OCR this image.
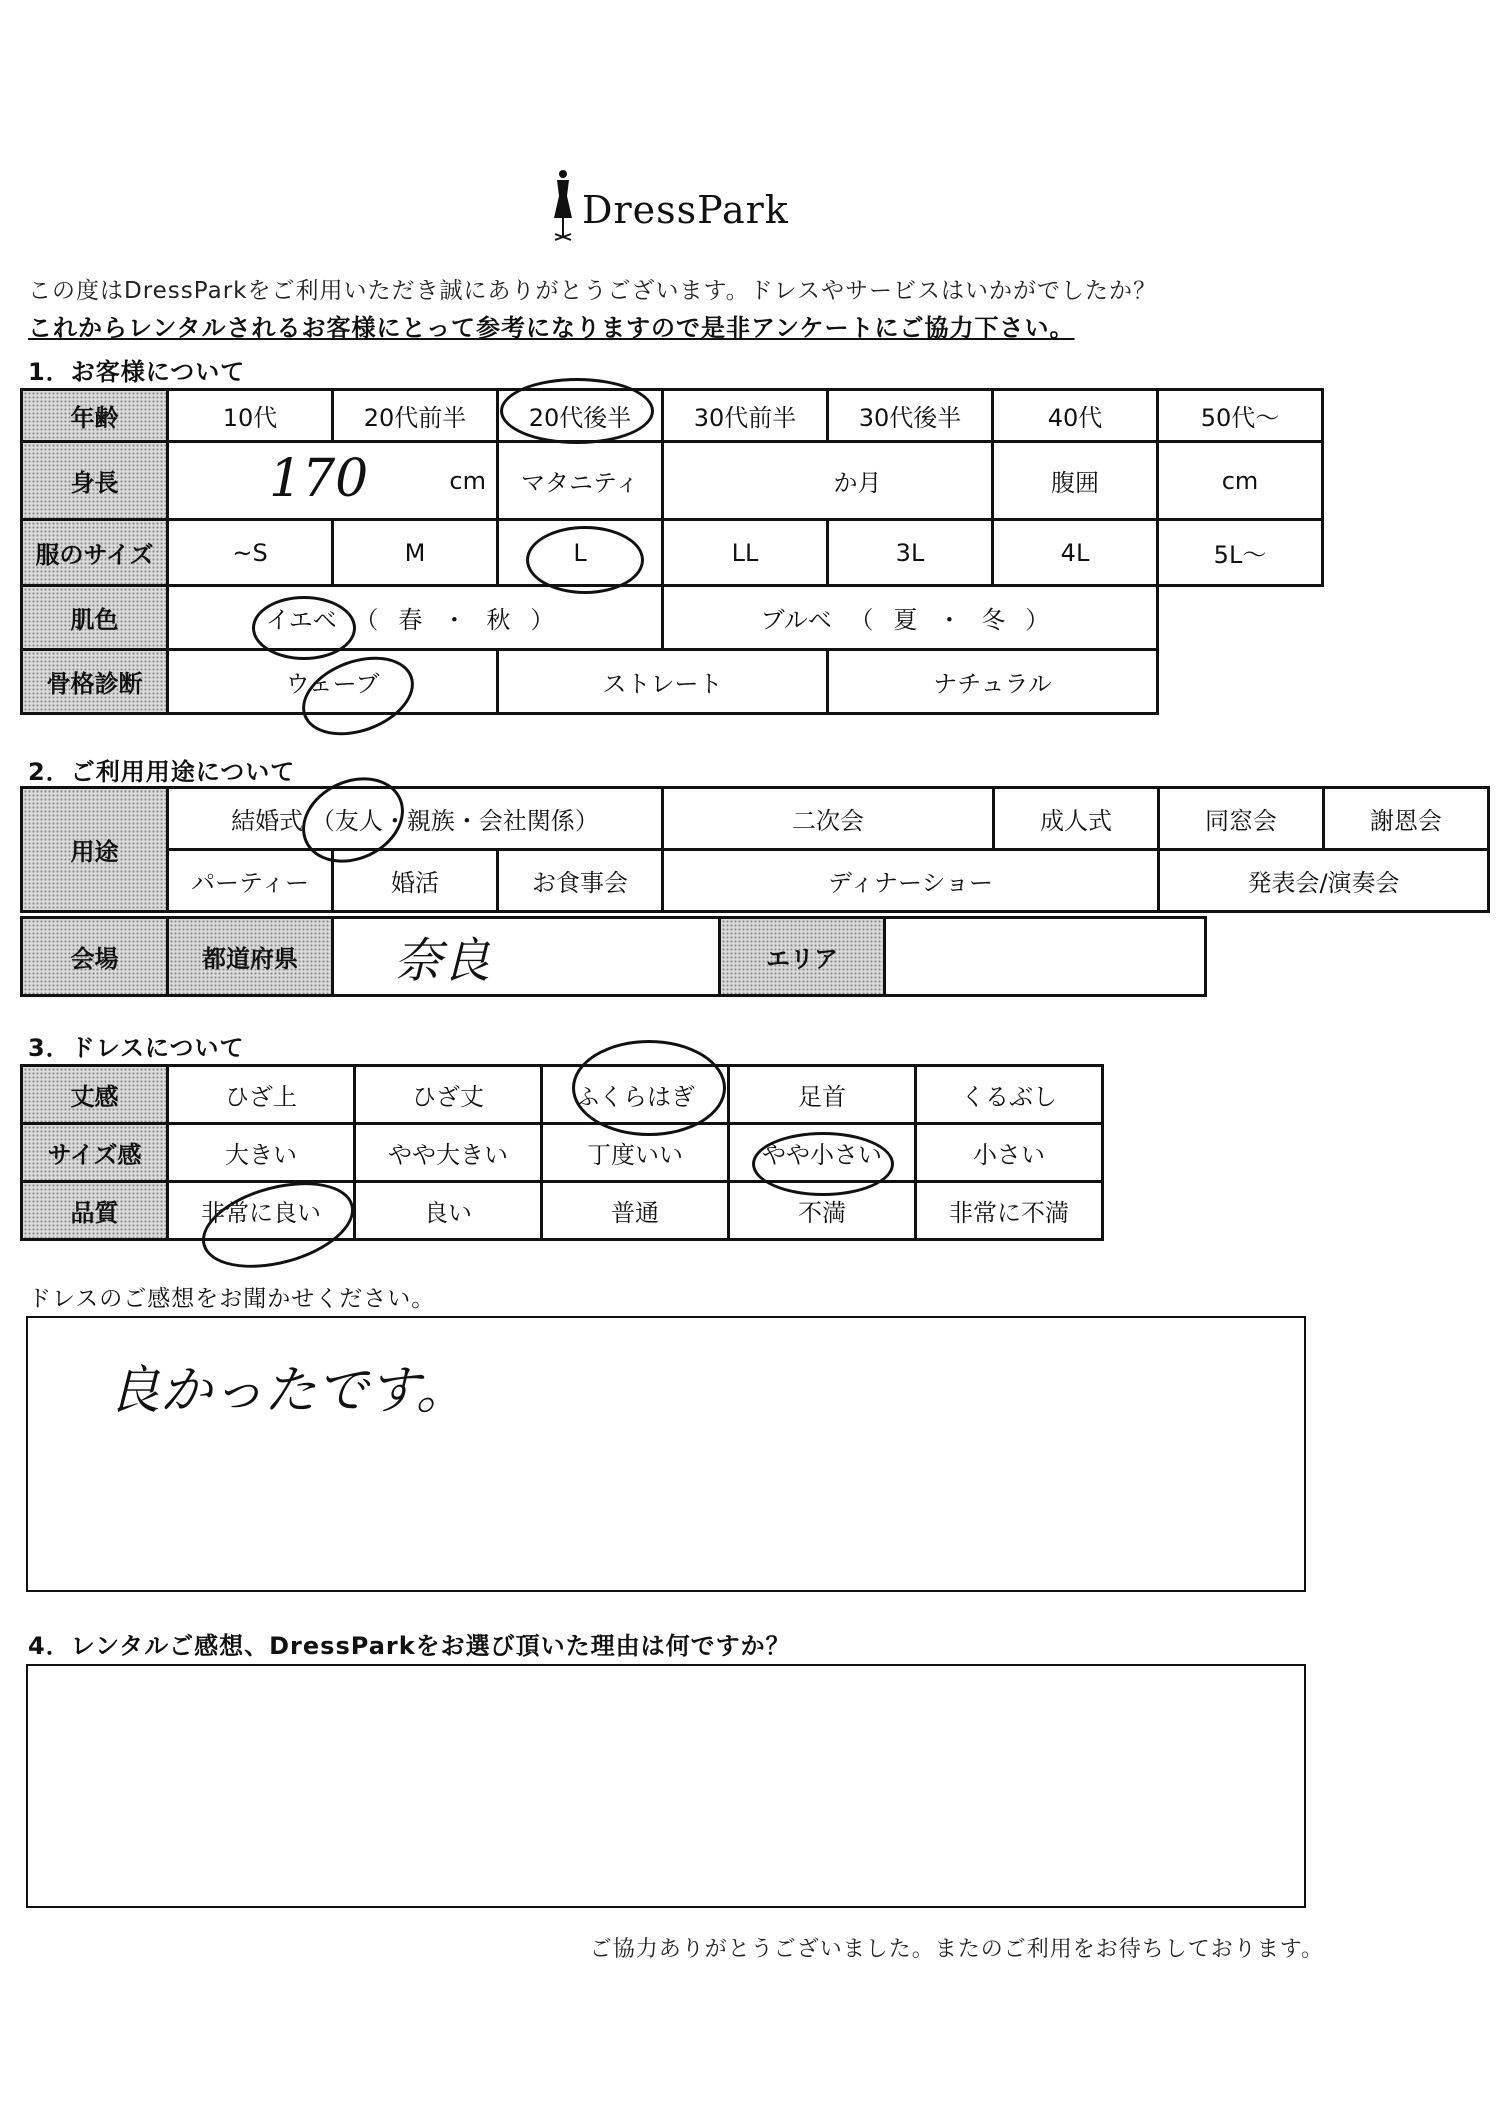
DressPark
この度はDressParkをご利用いただき誠にありがとうございます。ドレスやサービスはいかがでしたか？
これからレンタルされるお客様にとって参考になりますので是非アンケートにご協力下さい。
1．お客様について
年齢	10代	20代前半	20代後半	30代前半	30代後半	40代	50代～
身長	170 cm		マタニティ	か月		腹囲	cm
服のサイズ	~S	M	L	LL	3L	4L	5L～
肌色	イエベ （ 春 ・ 秋 ）			ブルベ （ 夏 ・ 冬 ）			
骨格診断	ウェーブ		ストレート		ナチュラル		
2．ご利用用途について
用途	結婚式 （友人・親族・会社関係）			二次会	成人式	同窓会	謝恩会
	パーティー	婚活	お食事会	ディナーショー		発表会/演奏会	
会場	都道府県	奈良	エリア	
3．ドレスについて
丈感	ひざ上	ひざ丈	ふくらはぎ	足首	くるぶし
サイズ感	大きい	やや大きい	丁度いい	やや小さい	小さい
品質	非常に良い	良い	普通	不満	非常に不満
ドレスのご感想をお聞かせください。
良かったです。
4．レンタルご感想、DressParkをお選び頂いた理由は何ですか？
ご協力ありがとうございました。またのご利用をお待ちしております。
